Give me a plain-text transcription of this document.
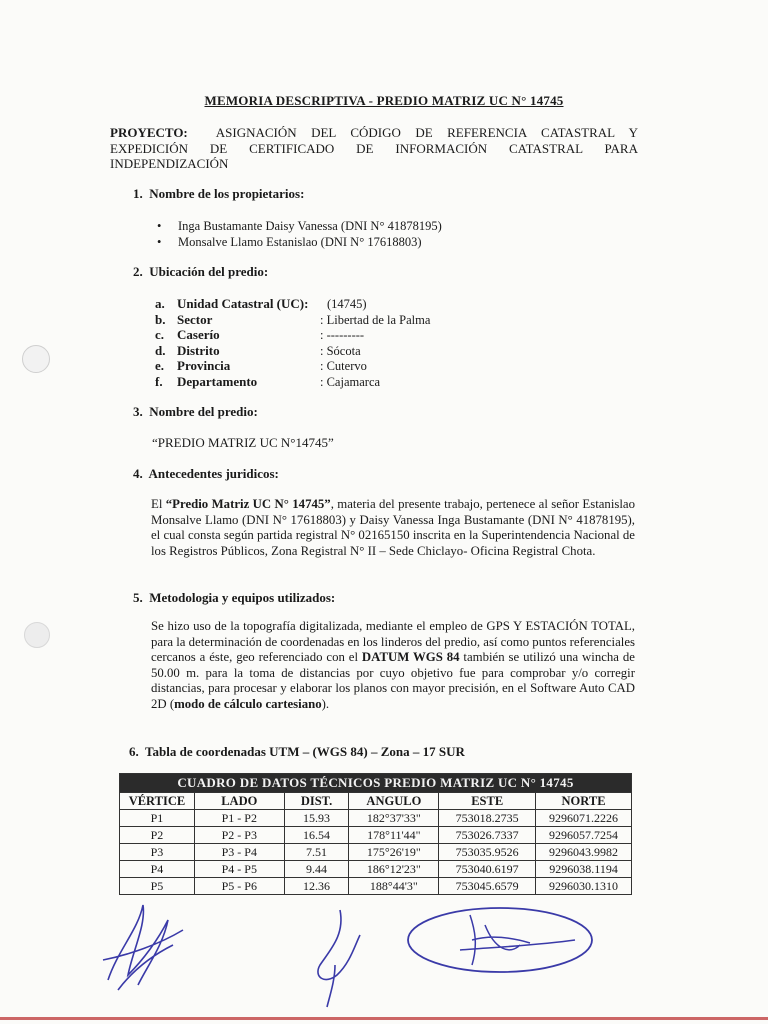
MEMORIA DESCRIPTIVA - PREDIO MATRIZ UC N° 14745
PROYECTO: ASIGNACIÓN DEL CÓDIGO DE REFERENCIA CATASTRAL Y EXPEDICIÓN DE CERTIFICADO DE INFORMACIÓN CATASTRAL PARA INDEPENDIZACIÓN
1. Nombre de los propietarios:
• Inga Bustamante Daisy Vanessa (DNI N° 41878195)
• Monsalve Llamo Estanislao (DNI N° 17618803)
2. Ubicación del predio:
a. Unidad Catastral (UC): (14745)
b. Sector	: Libertad de la Palma
c. Caserío	: ---------
d. Distrito	: Sócota
e. Provincia	: Cutervo
f. Departamento	: Cajamarca
3. Nombre del predio:
“PREDIO MATRIZ UC N°14745”
4. Antecedentes juridicos:
El “Predio Matriz UC N° 14745”, materia del presente trabajo, pertenece al señor Estanislao Monsalve Llamo (DNI N° 17618803) y Daisy Vanessa Inga Bustamante (DNI N° 41878195), el cual consta según partida registral N° 02165150 inscrita en la Superintendencia Nacional de los Registros Públicos, Zona Registral N° II – Sede Chiclayo- Oficina Registral Chota.
5. Metodologia y equipos utilizados:
Se hizo uso de la topografía digitalizada, mediante el empleo de GPS Y ESTACIÓN TOTAL, para la determinación de coordenadas en los linderos del predio, así como puntos referenciales cercanos a éste, geo referenciado con el DATUM WGS 84 también se utilizó una wincha de 50.00 m. para la toma de distancias por cuyo objetivo fue para comprobar y/o corregir distancias, para procesar y elaborar los planos con mayor precisión, en el Software Auto CAD 2D (modo de cálculo cartesiano).
6. Tabla de coordenadas UTM – (WGS 84) – Zona – 17 SUR
CUADRO DE DATOS TÉCNICOS PREDIO MATRIZ UC N° 14745					
VÉRTICE	LADO	DIST.	ANGULO	ESTE	NORTE
P1	P1 - P2	15.93	182°37'33"	753018.2735	9296071.2226
P2	P2 - P3	16.54	178°11'44"	753026.7337	9296057.7254
P3	P3 - P4	7.51	175°26'19"	753035.9526	9296043.9982
P4	P4 - P5	9.44	186°12'23"	753040.6197	9296038.1194
P5	P5 - P6	12.36	188°44'3"	753045.6579	9296030.1310
